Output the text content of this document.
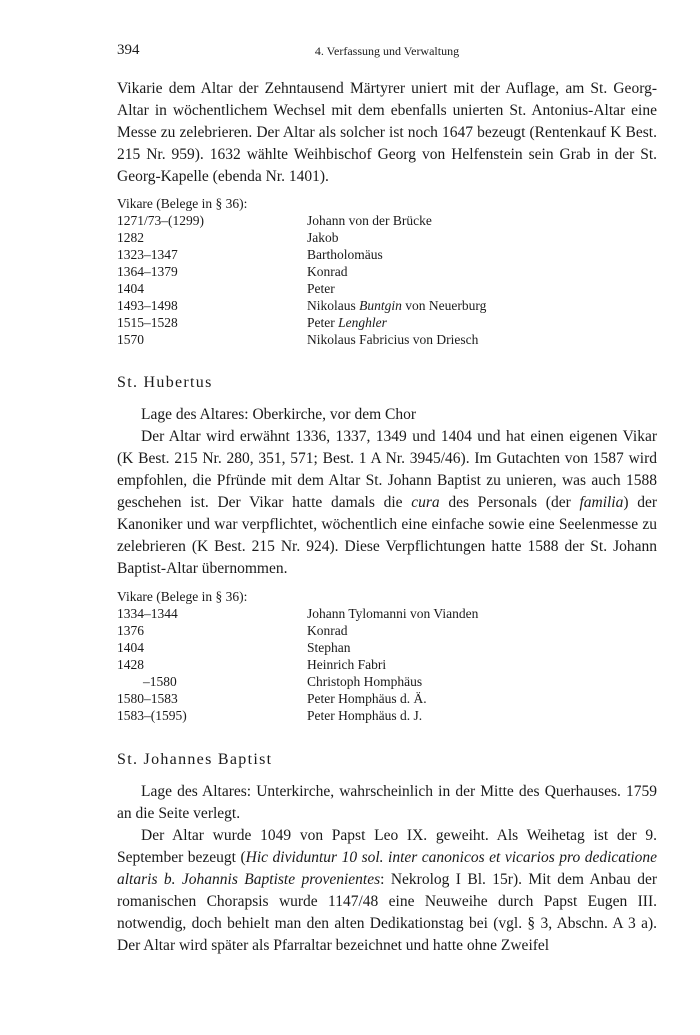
394	4. Verfassung und Verwaltung

Vikarie dem Altar der Zehntausend Märtyrer uniert mit der Auflage, am St. Georg-Altar in wöchentlichem Wechsel mit dem ebenfalls unierten St. Antonius-Altar eine Messe zu zelebrieren. Der Altar als solcher ist noch 1647 bezeugt (Rentenkauf K Best. 215 Nr. 959). 1632 wählte Weihbischof Georg von Helfenstein sein Grab in der St. Georg-Kapelle (ebenda Nr. 1401).

Vikare (Belege in § 36):
1271/73–(1299)	Johann von der Brücke
1282	Jakob
1323–1347	Bartholomäus
1364–1379	Konrad
1404	Peter
1493–1498	Nikolaus Buntgin von Neuerburg
1515–1528	Peter Lenghler
1570	Nikolaus Fabricius von Driesch
St. Hubertus

Lage des Altares: Oberkirche, vor dem Chor

Der Altar wird erwähnt 1336, 1337, 1349 und 1404 und hat einen eigenen Vikar (K Best. 215 Nr. 280, 351, 571; Best. 1 A Nr. 3945/46). Im Gutachten von 1587 wird empfohlen, die Pfründe mit dem Altar St. Johann Baptist zu unieren, was auch 1588 geschehen ist. Der Vikar hatte damals die cura des Personals (der familia) der Kanoniker und war verpflichtet, wöchentlich eine einfache sowie eine Seelenmesse zu zelebrieren (K Best. 215 Nr. 924). Diese Verpflichtungen hatte 1588 der St. Johann Baptist-Altar übernommen.

Vikare (Belege in § 36):
1334–1344	Johann Tylomanni von Vianden
1376	Konrad
1404	Stephan
1428	Heinrich Fabri
–1580	Christoph Homphäus
1580–1583	Peter Homphäus d. Ä.
1583–(1595)	Peter Homphäus d. J.
St. Johannes Baptist

Lage des Altares: Unterkirche, wahrscheinlich in der Mitte des Querhauses. 1759 an die Seite verlegt.

Der Altar wurde 1049 von Papst Leo IX. geweiht. Als Weihetag ist der 9. September bezeugt (Hic dividuntur 10 sol. inter canonicos et vicarios pro dedicatione altaris b. Johannis Baptiste provenientes: Nekrolog I Bl. 15r). Mit dem Anbau der romanischen Chorapsis wurde 1147/48 eine Neuweihe durch Papst Eugen III. notwendig, doch behielt man den alten Dedikationstag bei (vgl. § 3, Abschn. A 3 a). Der Altar wird später als Pfarraltar bezeichnet und hatte ohne Zweifel
